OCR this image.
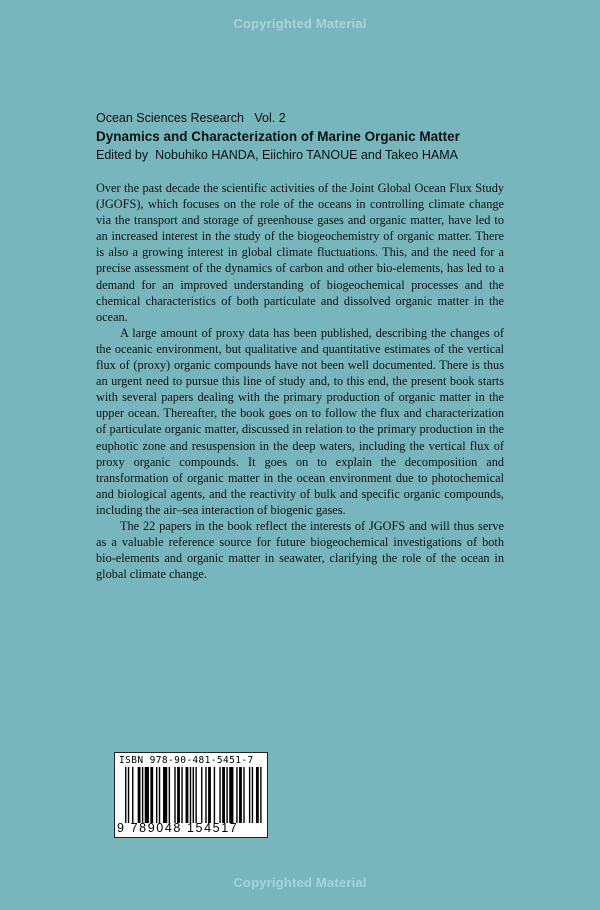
Copyrighted Material

Ocean Sciences Research   Vol. 2

Dynamics and Characterization of Marine Organic Matter

Edited by  Nobuhiko HANDA, Eiichiro TANOUE and Takeo HAMA

Over the past decade the scientific activities of the Joint Global Ocean Flux Study (JGOFS), which focuses on the role of the oceans in controlling climate change via the transport and storage of greenhouse gases and organic matter, have led to an increased interest in the study of the biogeochemistry of organic matter. There is also a growing interest in global climate fluctuations. This, and the need for a precise assessment of the dynamics of carbon and other bio-elements, has led to a demand for an improved understanding of biogeochemical processes and the chemical characteristics of both particulate and dissolved organic matter in the ocean.

A large amount of proxy data has been published, describing the changes of the oceanic environment, but qualitative and quantitative estimates of the vertical flux of (proxy) organic compounds have not been well documented. There is thus an urgent need to pursue this line of study and, to this end, the present book starts with several papers dealing with the primary production of organic matter in the upper ocean. Thereafter, the book goes on to follow the flux and characterization of particulate organic matter, discussed in relation to the primary production in the euphotic zone and resuspension in the deep waters, including the vertical flux of proxy organic compounds. It goes on to explain the decomposition and transformation of organic matter in the ocean environment due to photochemical and biological agents, and the reactivity of bulk and specific organic compounds, including the air–sea interaction of biogenic gases.

The 22 papers in the book reflect the interests of JGOFS and will thus serve as a valuable reference source for future biogeochemical investigations of both bio-elements and organic matter in seawater, clarifying the role of the ocean in global climate change.

ISBN 978-90-481-5451-7
9 789048 154517
Copyrighted Material
